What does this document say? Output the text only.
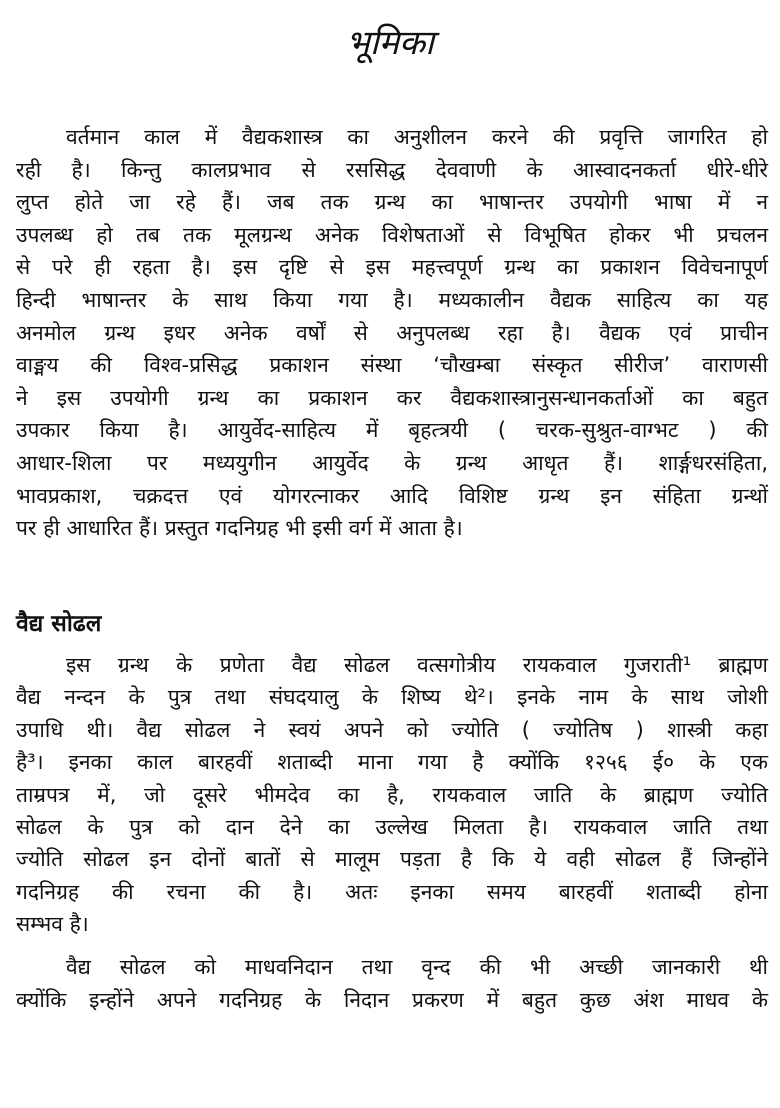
भूमिका
वैद्य सोढल
वर्तमान काल में वैद्यकशास्त्र का अनुशीलन करने की प्रवृत्ति जागरित हो
रही है। किन्तु कालप्रभाव से रससिद्ध देववाणी के आस्वादनकर्ता धीरे-धीरे
लुप्त होते जा रहे हैं। जब तक ग्रन्थ का भाषान्तर उपयोगी भाषा में न
उपलब्ध हो तब तक मूलग्रन्थ अनेक विशेषताओं से विभूषित होकर भी प्रचलन
से परे ही रहता है। इस दृष्टि से इस महत्त्वपूर्ण ग्रन्थ का प्रकाशन विवेचनापूर्ण
हिन्दी भाषान्तर के साथ किया गया है। मध्यकालीन वैद्यक साहित्य का यह
अनमोल ग्रन्थ इधर अनेक वर्षों से अनुपलब्ध रहा है। वैद्यक एवं प्राचीन
वाङ्मय की विश्व-प्रसिद्ध प्रकाशन संस्था ‘चौखम्बा संस्कृत सीरीज’ वाराणसी
ने इस उपयोगी ग्रन्थ का प्रकाशन कर वैद्यकशास्त्रानुसन्धानकर्ताओं का बहुत
उपकार किया है। आयुर्वेद-साहित्य में बृहत्त्रयी ( चरक-सुश्रुत-वाग्भट ) की
आधार-शिला पर मध्ययुगीन आयुर्वेद के ग्रन्थ आधृत हैं। शार्ङ्गधरसंहिता,
भावप्रकाश, चक्रदत्त एवं योगरत्नाकर आदि विशिष्ट ग्रन्थ इन संहिता ग्रन्थों
पर ही आधारित हैं। प्रस्तुत गदनिग्रह भी इसी वर्ग में आता है।
इस ग्रन्थ के प्रणेता वैद्य सोढल वत्सगोत्रीय रायकवाल गुजराती¹ ब्राह्मण
वैद्य नन्दन के पुत्र तथा संघदयालु के शिष्य थे²। इनके नाम के साथ जोशी
उपाधि थी। वैद्य सोढल ने स्वयं अपने को ज्योति ( ज्योतिष ) शास्त्री कहा
है³। इनका काल बारहवीं शताब्दी माना गया है क्योंकि १२५६ ई० के एक
ताम्रपत्र में, जो दूसरे भीमदेव का है, रायकवाल जाति के ब्राह्मण ज्योति
सोढल के पुत्र को दान देने का उल्लेख मिलता है। रायकवाल जाति तथा
ज्योति सोढल इन दोनों बातों से मालूम पड़ता है कि ये वही सोढल हैं जिन्होंने
गदनिग्रह की रचना की है। अतः इनका समय बारहवीं शताब्दी होना
सम्भव है।
वैद्य सोढल को माधवनिदान तथा वृन्द की भी अच्छी जानकारी थी
क्योंकि इन्होंने अपने गदनिग्रह के निदान प्रकरण में बहुत कुछ अंश माधव के
